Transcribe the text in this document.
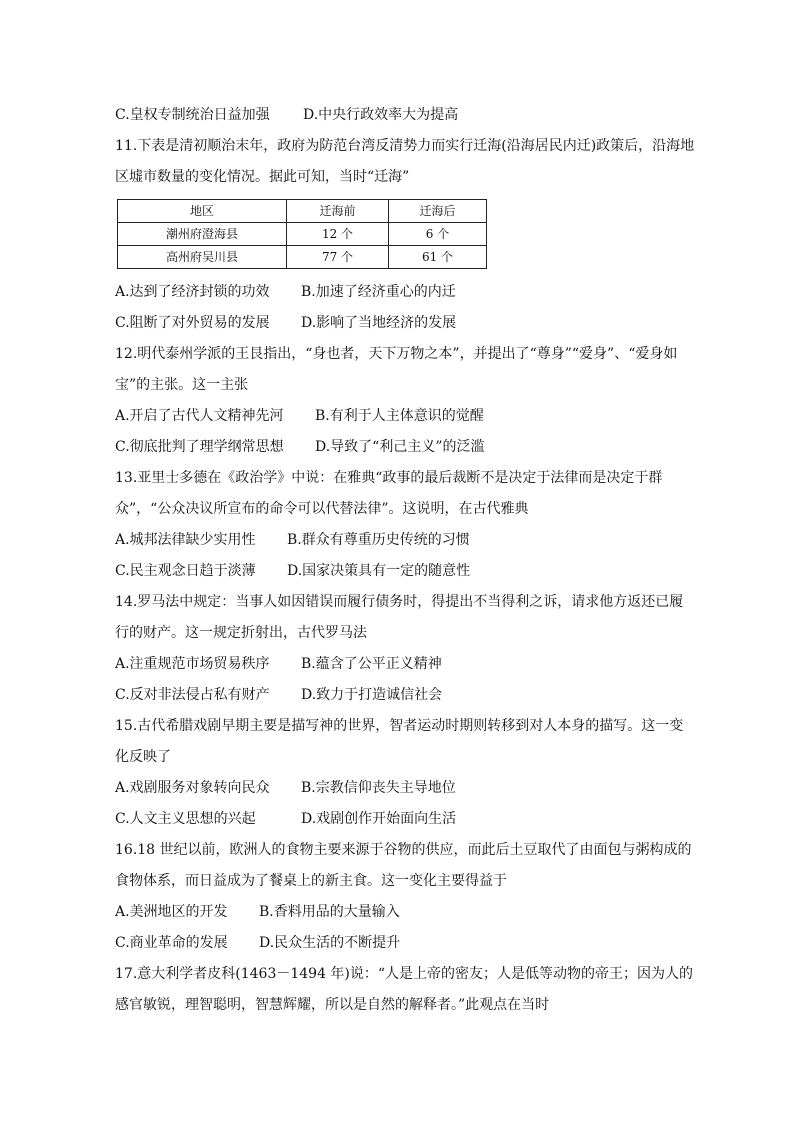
C.皇权专制统治日益加强	D.中央行政效率大为提高
11.下表是清初顺治末年，政府为防范台湾反清势力而实行迁海(沿海居民内迁)政策后，沿海地
区墟市数量的变化情况。据此可知，当时“迁海”
地区	迁海前	迁海后
潮州府澄海县	12 个	6 个
高州府吴川县	77 个	61 个
A.达到了经济封锁的功效	B.加速了经济重心的内迁
C.阻断了对外贸易的发展	D.影响了当地经济的发展
12.明代泰州学派的王艮指出，“身也者，天下万物之本”，并提出了“尊身”“爱身”、“爱身如
宝”的主张。这一主张
A.开启了古代人文精神先河	B.有利于人主体意识的觉醒
C.彻底批判了理学纲常思想	D.导致了“利己主义”的泛滥
13.亚里士多德在《政治学》中说：在雅典“政事的最后裁断不是决定于法律而是决定于群
众”，“公众决议所宣布的命令可以代替法律”。这说明，在古代雅典
A.城邦法律缺少实用性	B.群众有尊重历史传统的习惯
C.民主观念日趋于淡薄	D.国家决策具有一定的随意性
14.罗马法中规定：当事人如因错误而履行债务时，得提出不当得利之诉，请求他方返还已履
行的财产。这一规定折射出，古代罗马法
A.注重规范市场贸易秩序	B.蕴含了公平正义精神
C.反对非法侵占私有财产	D.致力于打造诚信社会
15.古代希腊戏剧早期主要是描写神的世界，智者运动时期则转移到对人本身的描写。这一变
化反映了
A.戏剧服务对象转向民众	B.宗教信仰丧失主导地位
C.人文主义思想的兴起	D.戏剧创作开始面向生活
16.18 世纪以前，欧洲人的食物主要来源于谷物的供应，而此后土豆取代了由面包与粥构成的
食物体系，而日益成为了餐桌上的新主食。这一变化主要得益于
A.美洲地区的开发	B.香料用品的大量输入
C.商业革命的发展	D.民众生活的不断提升
17.意大利学者皮科(1463－1494 年)说：“人是上帝的密友；人是低等动物的帝王；因为人的
感官敏锐，理智聪明，智慧辉耀，所以是自然的解释者。”此观点在当时
